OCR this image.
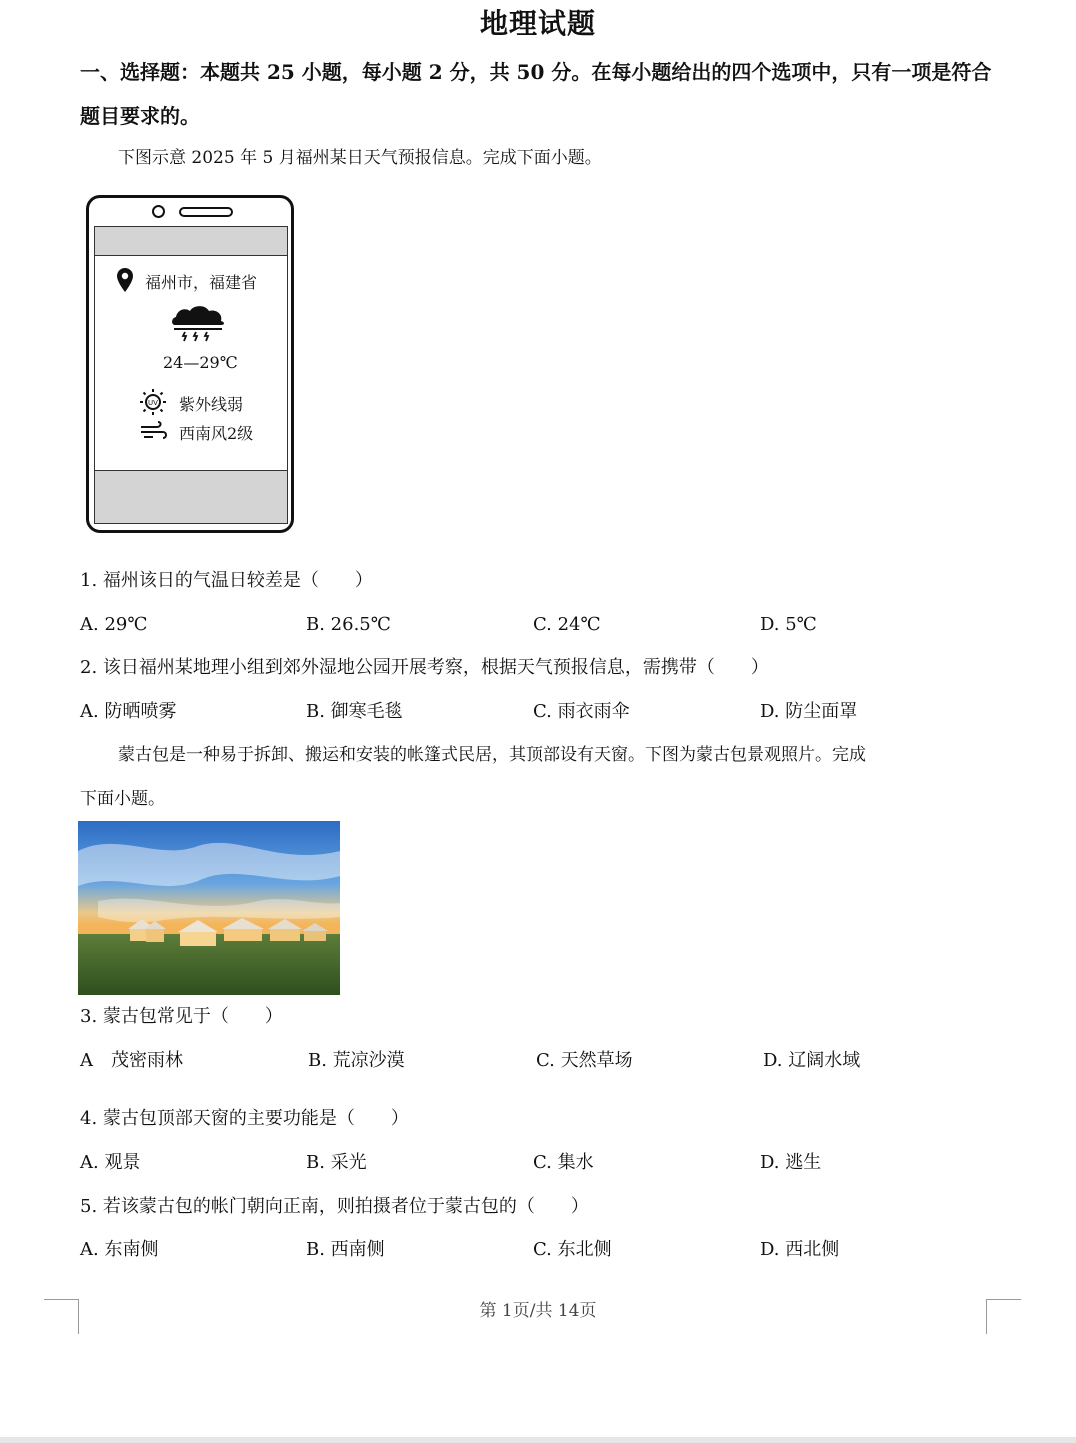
地理试题
一、选择题：本题共 25 小题，每小题 2 分，共 50 分。在每小题给出的四个选项中，只有一项是符合题目要求的。
下图示意 2025 年 5 月福州某日天气预报信息。完成下面小题。
福州市，福建省
24—29℃
UV 紫外线弱
西南风2级
1. 福州该日的气温日较差是（　　）
A. 29℃	B. 26.5℃	C. 24℃	D. 5℃
2. 该日福州某地理小组到郊外湿地公园开展考察，根据天气预报信息，需携带（　　）
A. 防晒喷雾	B. 御寒毛毯	C. 雨衣雨伞	D. 防尘面罩
蒙古包是一种易于拆卸、搬运和安装的帐篷式民居，其顶部设有天窗。下图为蒙古包景观照片。完成
下面小题。
3. 蒙古包常见于（　　）
A　茂密雨林	B. 荒凉沙漠	C. 天然草场	D. 辽阔水域
4. 蒙古包顶部天窗的主要功能是（　　）
A. 观景	B. 采光	C. 集水	D. 逃生
5. 若该蒙古包的帐门朝向正南，则拍摄者位于蒙古包的（　　）
A. 东南侧	B. 西南侧	C. 东北侧	D. 西北侧
第 1页/共 14页
